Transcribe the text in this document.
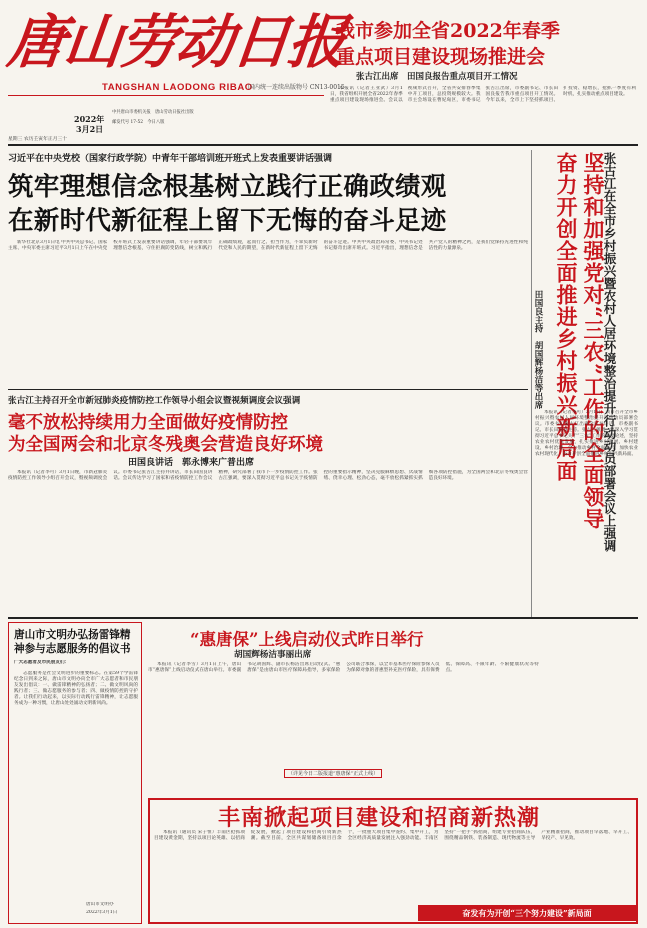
唐山劳动日报
TANGSHAN LAODONG RIBAO
国内统一连续出版物号 CN13-0015
2022年
3月2日
中共唐山市委机关报　唐山劳动日报社出版
邮发代号 17-52　今日八版
星期三 农历壬寅年正月三十
我市参加全省2022年春季
重点项目建设现场推进会
张古江出席　田国良报告重点项目开工情况

本报讯（记者王亚武）3月1日，我省组织开展全省2022年春季重点项目建设现场推进会。会议以视频形式召开，全省共安排春季集中开工项目，总投资规模较大。我市主会场设在曹妃甸区，市委书记张古江出席，市委副书记、市长田国良报告我市重点项目开工情况。今年以来，全市上下坚持抓项目、扩投资、稳增长，抢抓一季度有利时机，扎实推动重点项目建设。

习近平在中央党校（国家行政学院）中青年干部培训班开班式上发表重要讲话强调
筑牢理想信念根基树立践行正确政绩观
在新时代新征程上留下无悔的奋斗足迹

新华社北京3月1日电 中共中央总书记、国家主席、中央军委主席习近平3月1日上午在中央党校开班式上发表重要讲话强调，年轻干部要筑牢理想信念根基，守住拒腐防变防线，树立和践行正确政绩观，起而行之、担当作为，不辜负新时代党和人民的期望，在新时代新征程上留下无悔的奋斗足迹。中共中央政治局常委、中央书记处书记蔡奇出席开班式。习近平指出，理想信念是共产党人的精神之钙，是我们党保持先进性和纯洁性的力量源泉。	张古江在全市乡村振兴暨农村人居环境整治提升行动动员部署会议上强调
坚持和加强党对“三农”工作的全面领导
奋力开创全面推进乡村振兴新局面
田国良主持　胡国辉杨洁等出席

本报讯（记者李可）3月1日，我市召开全市乡村振兴暨农村人居环境整治提升行动动员部署会议。市委书记张古江出席会议并讲话，市委副书记、市长田国良主持。张古江强调，要深入学习贯彻习近平总书记关于“三农”工作的重要论述，坚持农业农村优先发展，扎实推进乡村发展、乡村建设、乡村治理，全力推动乡村全面振兴，加快农业农村现代化，奋力开创全面推进乡村振兴新局面。

张古江主持召开全市新冠肺炎疫情防控工作领导小组会议暨视频调度会议强调
毫不放松持续用力全面做好疫情防控
为全国两会和北京冬残奥会营造良好环境
田国良讲话　郭永博来广普出席

本报讯（记者李可）3月1日晚，市新冠肺炎疫情防控工作领导小组召开会议，暨视频调度会议。市委书记张古江主持并讲话，市长田国良讲话。会议传达学习了国家和省疫情防控工作会议精神，研究部署了我市下一步疫情防控工作。张古江强调，要深入贯彻习近平总书记关于疫情防控的重要指示精神，坚决克服麻痹思想、厌战情绪、侥幸心理、松劲心态，毫不放松抓紧抓实抓细各项防控措施，为全国两会和北京冬残奥会营造良好环境。

唐山市文明办弘扬雷锋精神参与志愿服务的倡议书
广大志愿者及市民朋友们：

志愿服务是社会文明进步的重要标志。在第59个学雷锋纪念日到来之际，唐山市文明办向全市广大志愿者和市民朋友发出倡议：一、做雷锋精神的弘扬者；二、做文明风尚的践行者；三、做志愿服务的参与者；四、做疫情防控的守护者。让我们行动起来，以实际行动践行雷锋精神，让志愿服务成为一种习惯，让唐山处处涌动文明新风尚。

唐山市文明办
2022年3月1日
“惠唐保”上线启动仪式昨日举行
胡国辉杨洁事丽出席

本报讯（记者李雪）3月1日上午，唐山市“惠唐保”上线启动仪式在唐山举行。市委副书记胡国辉、副市长杨洁出席启动仪式。“惠唐保”是由唐山市医疗保障局指导，多家保险公司联合承保，以全市基本医疗保险参保人员为保障对象的普惠型补充医疗保险，具有保费低、保障高、不限年龄、不限健康状况等特点。

（详见今日二版报道“惠唐保”正式上线）
丰南掀起项目建设和招商新热潮

本报讯（通讯员 宋子恒）丰南区抢抓项目建设黄金期，坚持以项目论英雄、以招商促发展，掀起了项目建设和招商引资新热潮。截至目前，全区共谋划储备项目百余个，一批重大项目集中签约、集中开工，为全区经济高质量发展注入强劲动能。丰南区坚持“一把手”抓招商，组建专业招商队伍，围绕精品钢铁、装备制造、现代物流等主导产业精准招商，推动项目早落地、早开工、早投产、早见效。

奋发有为开创“三个努力建设”新局面
